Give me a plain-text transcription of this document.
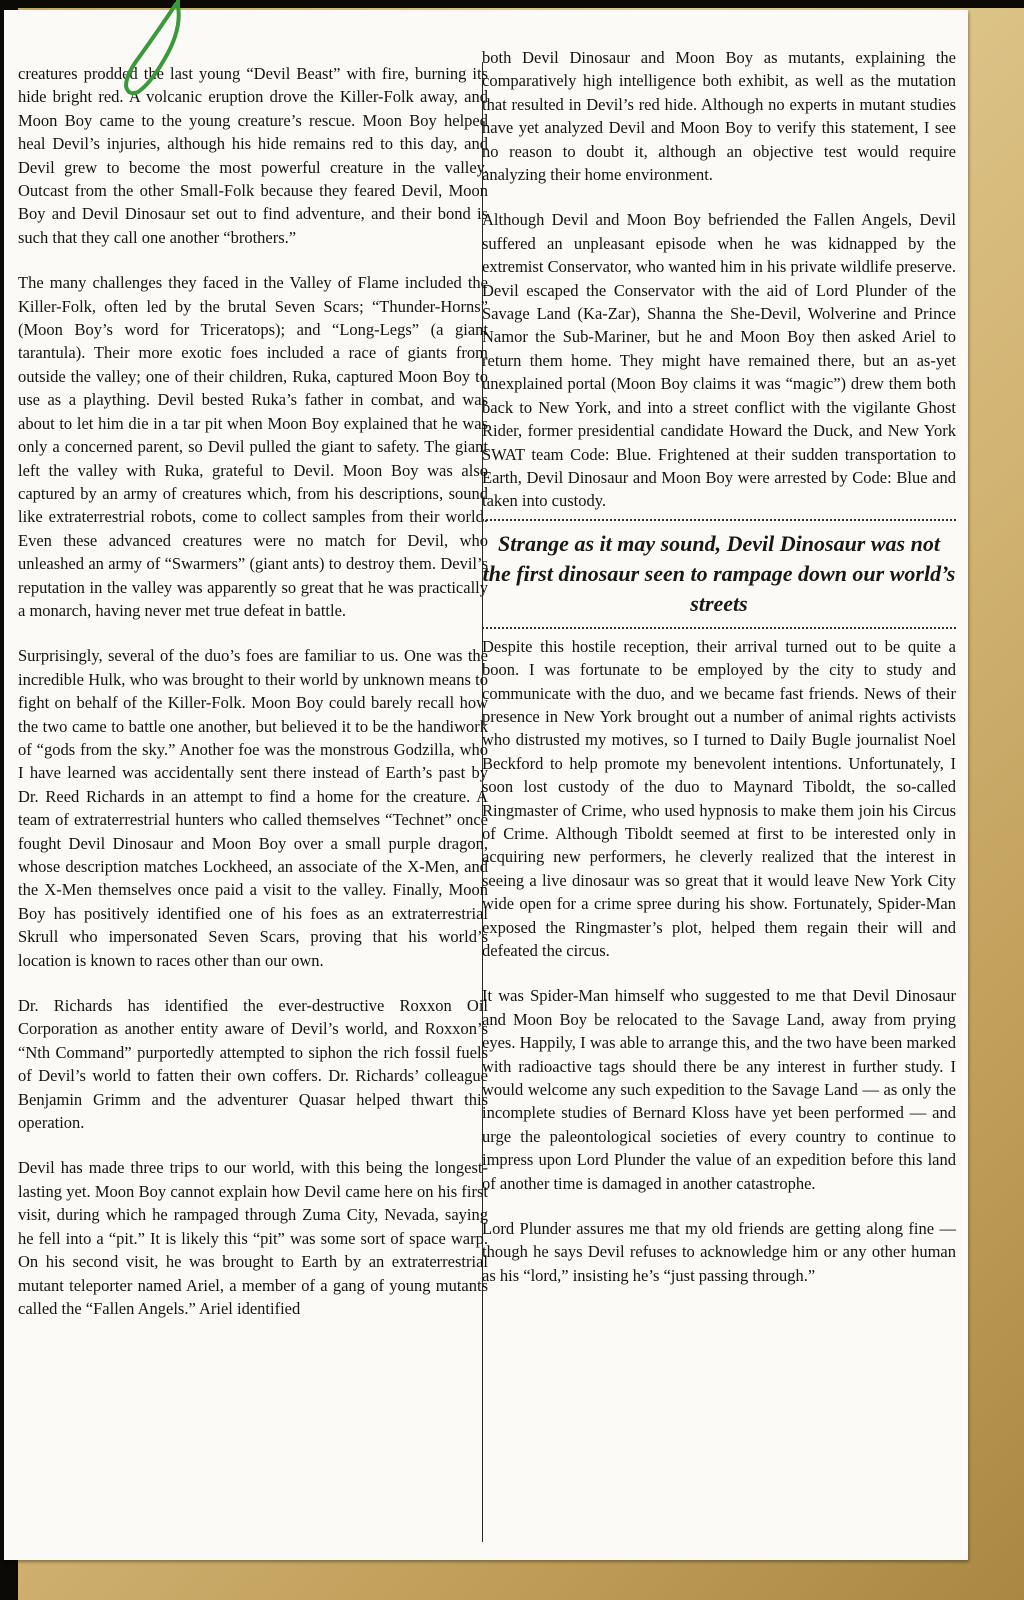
creatures prodded the last young “Devil Beast” with fire, burning its hide bright red. A volcanic eruption drove the Killer-Folk away, and Moon Boy came to the young creature’s rescue. Moon Boy helped heal Devil’s injuries, although his hide remains red to this day, and Devil grew to become the most powerful creature in the valley. Outcast from the other Small-Folk because they feared Devil, Moon Boy and Devil Dinosaur set out to find adventure, and their bond is such that they call one another “brothers.”

The many challenges they faced in the Valley of Flame included the Killer-Folk, often led by the brutal Seven Scars; “Thunder-Horns” (Moon Boy’s word for Triceratops); and “Long-Legs” (a giant tarantula). Their more exotic foes included a race of giants from outside the valley; one of their children, Ruka, captured Moon Boy to use as a plaything. Devil bested Ruka’s father in combat, and was about to let him die in a tar pit when Moon Boy explained that he was only a concerned parent, so Devil pulled the giant to safety. The giant left the valley with Ruka, grateful to Devil. Moon Boy was also captured by an army of creatures which, from his descriptions, sound like extraterrestrial robots, come to collect samples from their world. Even these advanced creatures were no match for Devil, who unleashed an army of “Swarmers” (giant ants) to destroy them. Devil’s reputation in the valley was apparently so great that he was practically a monarch, having never met true defeat in battle.

Surprisingly, several of the duo’s foes are familiar to us. One was the incredible Hulk, who was brought to their world by unknown means to fight on behalf of the Killer-Folk. Moon Boy could barely recall how the two came to battle one another, but believed it to be the handiwork of “gods from the sky.” Another foe was the monstrous Godzilla, who I have learned was accidentally sent there instead of Earth’s past by Dr. Reed Richards in an attempt to find a home for the creature. A team of extraterrestrial hunters who called themselves “Technet” once fought Devil Dinosaur and Moon Boy over a small purple dragon, whose description matches Lockheed, an associate of the X-Men, and the X-Men themselves once paid a visit to the valley. Finally, Moon Boy has positively identified one of his foes as an extraterrestrial Skrull who impersonated Seven Scars, proving that his world’s location is known to races other than our own.

Dr. Richards has identified the ever-destructive Roxxon Oil Corporation as another entity aware of Devil’s world, and Roxxon’s “Nth Command” purportedly attempted to siphon the rich fossil fuels of Devil’s world to fatten their own coffers. Dr. Richards’ colleague Benjamin Grimm and the adventurer Quasar helped thwart this operation.

Devil has made three trips to our world, with this being the longest-lasting yet. Moon Boy cannot explain how Devil came here on his first visit, during which he rampaged through Zuma City, Nevada, saying he fell into a “pit.” It is likely this “pit” was some sort of space warp. On his second visit, he was brought to Earth by an extraterrestrial mutant teleporter named Ariel, a member of a gang of young mutants called the “Fallen Angels.” Ariel identified

both Devil Dinosaur and Moon Boy as mutants, explaining the comparatively high intelligence both exhibit, as well as the mutation that resulted in Devil’s red hide. Although no experts in mutant studies have yet analyzed Devil and Moon Boy to verify this statement, I see no reason to doubt it, although an objective test would require analyzing their home environment.

Although Devil and Moon Boy befriended the Fallen Angels, Devil suffered an unpleasant episode when he was kidnapped by the extremist Conservator, who wanted him in his private wildlife preserve. Devil escaped the Conservator with the aid of Lord Plunder of the Savage Land (Ka-Zar), Shanna the She-Devil, Wolverine and Prince Namor the Sub-Mariner, but he and Moon Boy then asked Ariel to return them home. They might have remained there, but an as-yet unexplained portal (Moon Boy claims it was “magic”) drew them both back to New York, and into a street conflict with the vigilante Ghost Rider, former presidential candidate Howard the Duck, and New York SWAT team Code: Blue. Frightened at their sudden transportation to Earth, Devil Dinosaur and Moon Boy were arrested by Code: Blue and taken into custody.

Strange as it may sound, Devil Dinosaur was not the first dinosaur seen to rampage down our world’s streets

Despite this hostile reception, their arrival turned out to be quite a boon. I was fortunate to be employed by the city to study and communicate with the duo, and we became fast friends. News of their presence in New York brought out a number of animal rights activists who distrusted my motives, so I turned to Daily Bugle journalist Noel Beckford to help promote my benevolent intentions. Unfortunately, I soon lost custody of the duo to Maynard Tiboldt, the so-called Ringmaster of Crime, who used hypnosis to make them join his Circus of Crime. Although Tiboldt seemed at first to be interested only in acquiring new performers, he cleverly realized that the interest in seeing a live dinosaur was so great that it would leave New York City wide open for a crime spree during his show. Fortunately, Spider-Man exposed the Ringmaster’s plot, helped them regain their will and defeated the circus.

It was Spider-Man himself who suggested to me that Devil Dinosaur and Moon Boy be relocated to the Savage Land, away from prying eyes. Happily, I was able to arrange this, and the two have been marked with radioactive tags should there be any interest in further study. I would welcome any such expedition to the Savage Land — as only the incomplete studies of Bernard Kloss have yet been performed — and urge the paleontological societies of every country to continue to impress upon Lord Plunder the value of an expedition before this land of another time is damaged in another catastrophe.

Lord Plunder assures me that my old friends are getting along fine — though he says Devil refuses to acknowledge him or any other human as his “lord,” insisting he’s “just passing through.”
